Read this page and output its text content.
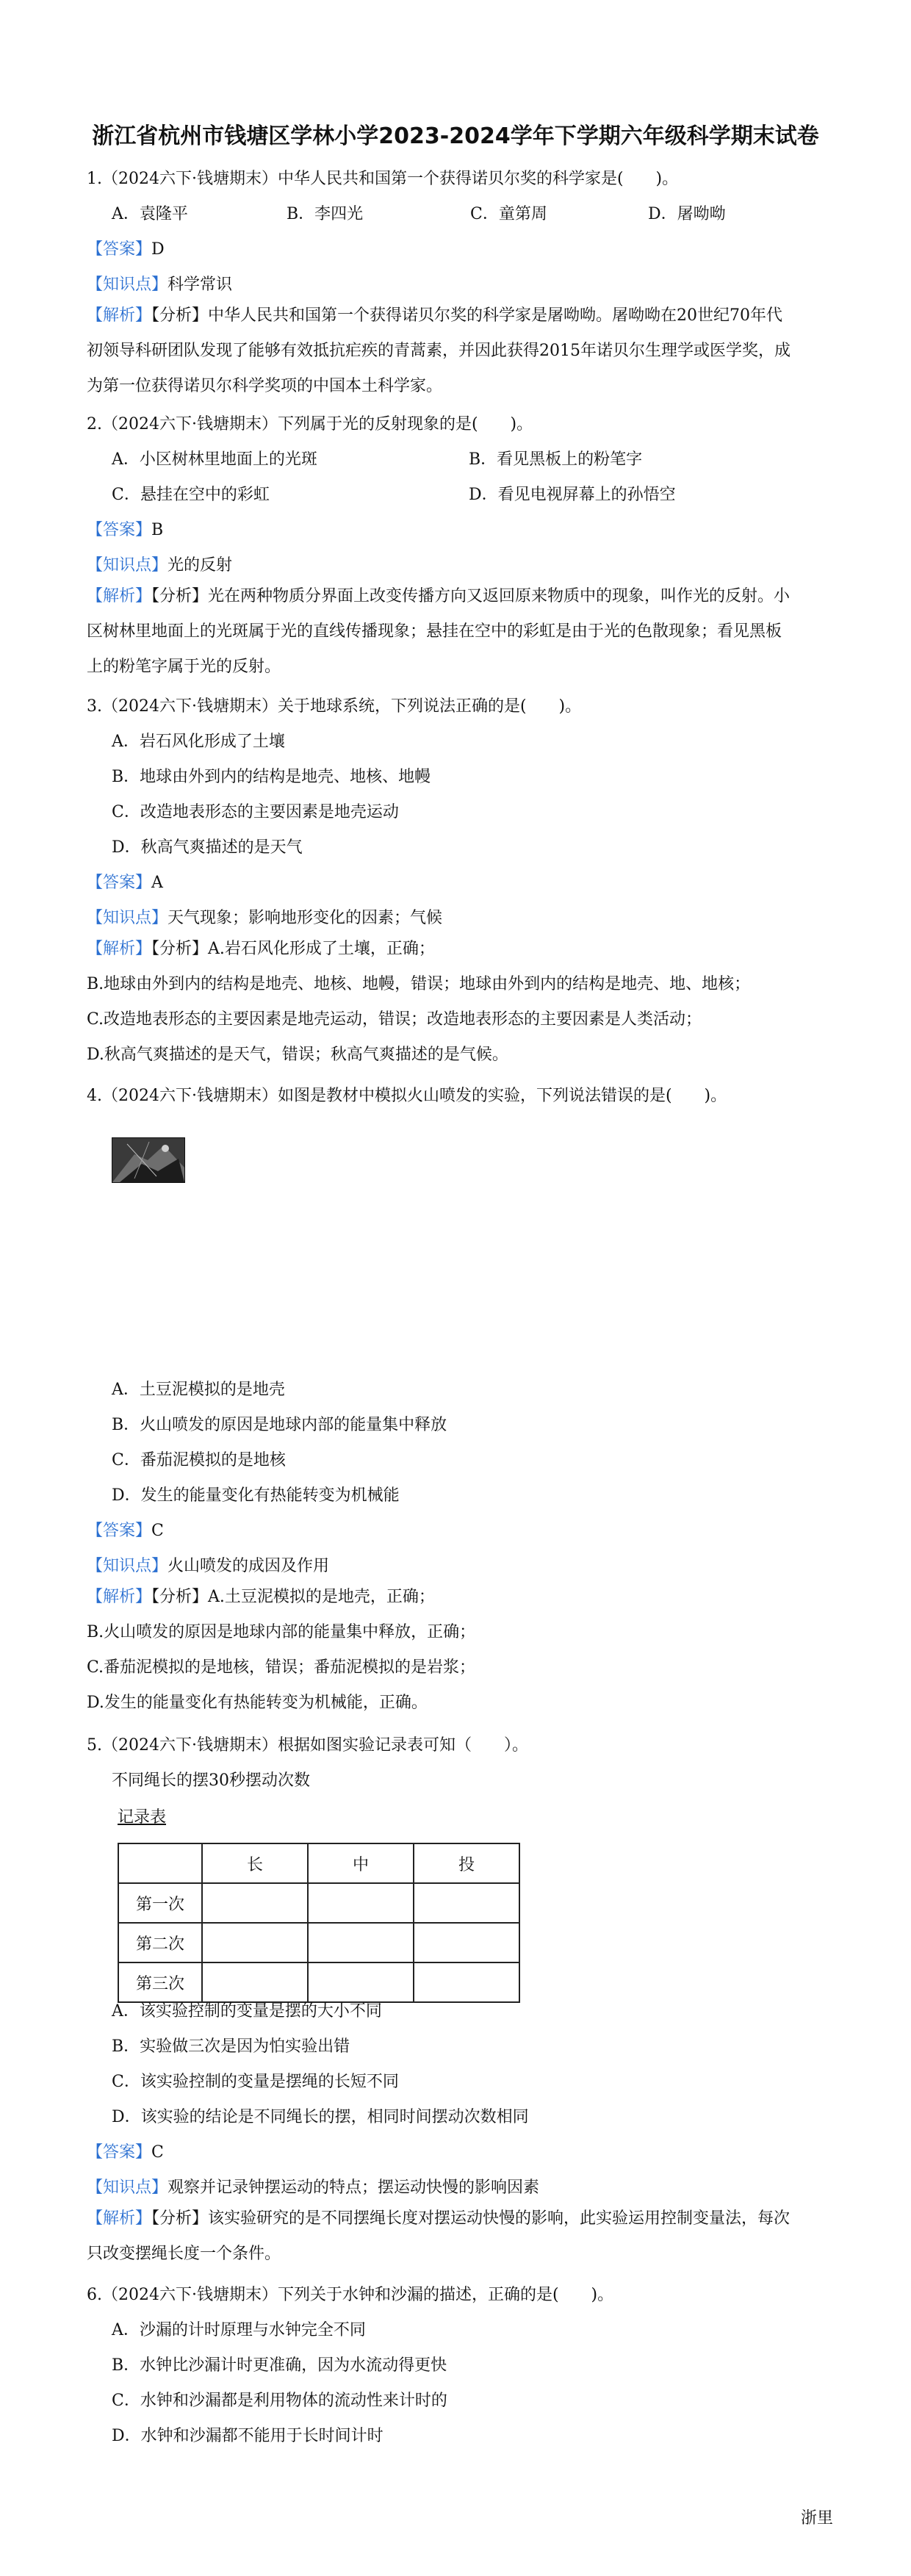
浙江省杭州市钱塘区学林小学2023-2024学年下学期六年级科学期末试卷
1.（2024六下·钱塘期末）中华人民共和国第一个获得诺贝尔奖的科学家是(　　)。
A．袁隆平	B．李四光	C．童第周	D．屠呦呦
【答案】D
【知识点】科学常识
【解析】【分析】中华人民共和国第一个获得诺贝尔奖的科学家是屠呦呦。屠呦呦在20世纪70年代
初领导科研团队发现了能够有效抵抗疟疾的青蒿素，并因此获得2015年诺贝尔生理学或医学奖，成
为第一位获得诺贝尔科学奖项的中国本土科学家。
2.（2024六下·钱塘期末）下列属于光的反射现象的是(　　)。
A．小区树林里地面上的光斑	B．看见黑板上的粉笔字
C．悬挂在空中的彩虹	D．看见电视屏幕上的孙悟空
【答案】B
【知识点】光的反射
【解析】【分析】光在两种物质分界面上改变传播方向又返回原来物质中的现象，叫作光的反射。小
区树林里地面上的光斑属于光的直线传播现象；悬挂在空中的彩虹是由于光的色散现象；看见黑板
上的粉笔字属于光的反射。
3.（2024六下·钱塘期末）关于地球系统，下列说法正确的是(　　)。
A．岩石风化形成了土壤
B．地球由外到内的结构是地壳、地核、地幔
C．改造地表形态的主要因素是地壳运动
D．秋高气爽描述的是天气
【答案】A
【知识点】天气现象；影响地形变化的因素；气候
【解析】【分析】A.岩石风化形成了土壤，正确；
B.地球由外到内的结构是地壳、地核、地幔，错误；地球由外到内的结构是地壳、地、地核；
C.改造地表形态的主要因素是地壳运动，错误；改造地表形态的主要因素是人类活动；
D.秋高气爽描述的是天气，错误；秋高气爽描述的是气候。
4.（2024六下·钱塘期末）如图是教材中模拟火山喷发的实验，下列说法错误的是(　　)。
A．土豆泥模拟的是地壳
B．火山喷发的原因是地球内部的能量集中释放
C．番茄泥模拟的是地核
D．发生的能量变化有热能转变为机械能
【答案】C
【知识点】火山喷发的成因及作用
【解析】【分析】A.土豆泥模拟的是地壳，正确；
B.火山喷发的原因是地球内部的能量集中释放，正确；
C.番茄泥模拟的是地核，错误；番茄泥模拟的是岩浆；
D.发生的能量变化有热能转变为机械能，正确。
5.（2024六下·钱塘期末）根据如图实验记录表可知（　　）。
不同绳长的摆30秒摆动次数
记录表
	长	中	投
第一次			
第二次			
第三次			
A．该实验控制的变量是摆的大小不同
B．实验做三次是因为怕实验出错
C．该实验控制的变量是摆绳的长短不同
D．该实验的结论是不同绳长的摆，相同时间摆动次数相同
【答案】C
【知识点】观察并记录钟摆运动的特点；摆运动快慢的影响因素
【解析】【分析】该实验研究的是不同摆绳长度对摆运动快慢的影响，此实验运用控制变量法，每次
只改变摆绳长度一个条件。
6.（2024六下·钱塘期末）下列关于水钟和沙漏的描述，正确的是(　　)。
A．沙漏的计时原理与水钟完全不同
B．水钟比沙漏计时更准确，因为水流动得更快
C．水钟和沙漏都是利用物体的流动性来计时的
D．水钟和沙漏都不能用于长时间计时
浙里
